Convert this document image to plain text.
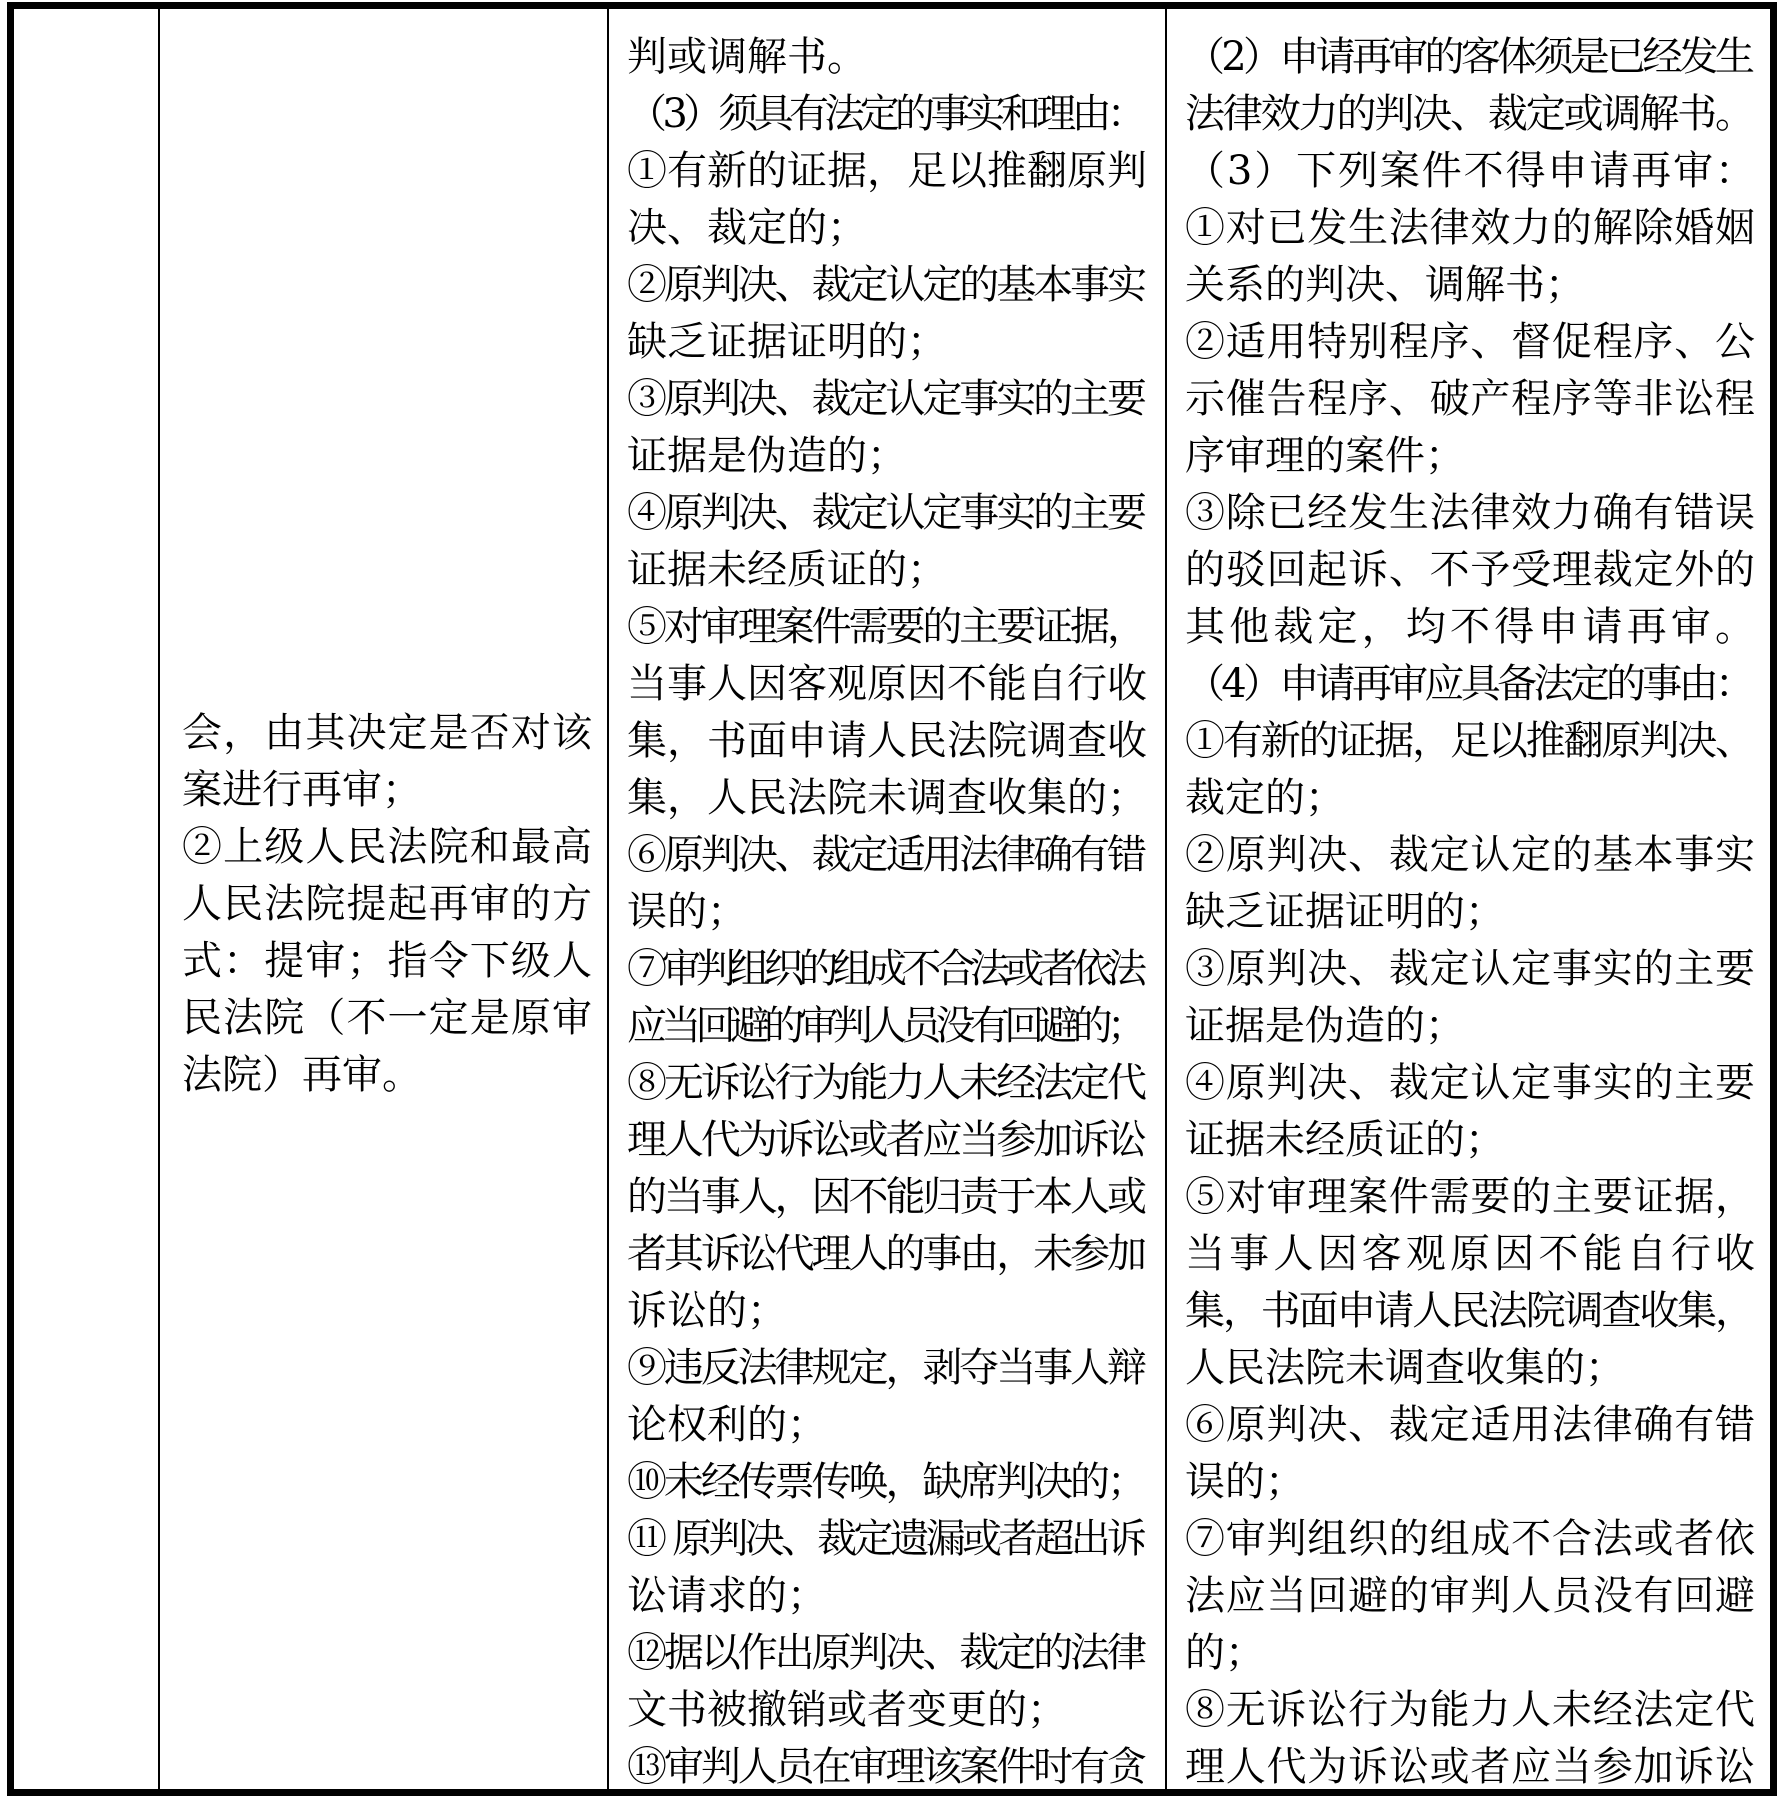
会，由其决定是否对该
案进行再审；
②上级人民法院和最高
人民法院提起再审的方
式：提审；指令下级人
民法院（不一定是原审
法院）再审。
判或调解书。
（3）须具有法定的事实和理由：
①有新的证据，足以推翻原判
决、裁定的；
②原判决、裁定认定的基本事实
缺乏证据证明的；
③原判决、裁定认定事实的主要
证据是伪造的；
④原判决、裁定认定事实的主要
证据未经质证的；
⑤对审理案件需要的主要证据，
当事人因客观原因不能自行收
集，书面申请人民法院调查收
集，人民法院未调查收集的；
⑥原判决、裁定适用法律确有错
误的；
⑦审判组织的组成不合法或者依法
应当回避的审判人员没有回避的；
⑧无诉讼行为能力人未经法定代
理人代为诉讼或者应当参加诉讼
的当事人，因不能归责于本人或
者其诉讼代理人的事由，未参加
诉讼的；
⑨违反法律规定，剥夺当事人辩
论权利的；
⑩未经传票传唤，缺席判决的；
⑪ 原判决、裁定遗漏或者超出诉
讼请求的；
⑫据以作出原判决、裁定的法律
文书被撤销或者变更的；
⑬审判人员在审理该案件时有贪
（2）申请再审的客体须是已经发生
法律效力的判决、裁定或调解书。
（3）下列案件不得申请再审：
①对已发生法律效力的解除婚姻
关系的判决、调解书；
②适用特别程序、督促程序、公
示催告程序、破产程序等非讼程
序审理的案件；
③除已经发生法律效力确有错误
的驳回起诉、不予受理裁定外的
其他裁定，均不得申请再审。
（4）申请再审应具备法定的事由：
①有新的证据，足以推翻原判决、
裁定的；
②原判决、裁定认定的基本事实
缺乏证据证明的；
③原判决、裁定认定事实的主要
证据是伪造的；
④原判决、裁定认定事实的主要
证据未经质证的；
⑤对审理案件需要的主要证据，
当事人因客观原因不能自行收
集，书面申请人民法院调查收集，
人民法院未调查收集的；
⑥原判决、裁定适用法律确有错
误的；
⑦审判组织的组成不合法或者依
法应当回避的审判人员没有回避
的；
⑧无诉讼行为能力人未经法定代
理人代为诉讼或者应当参加诉讼
